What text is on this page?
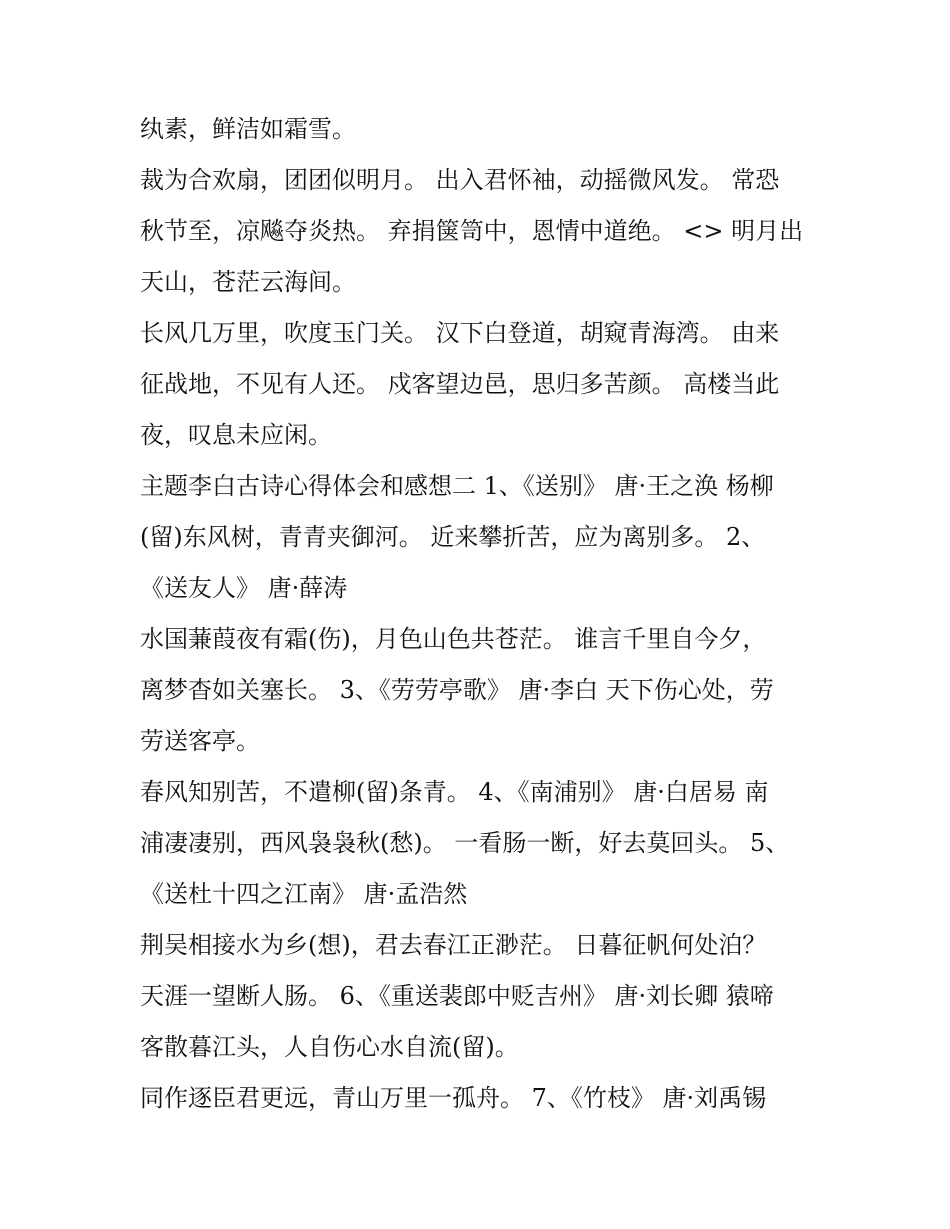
纨素，鲜洁如霜雪。

裁为合欢扇，团团似明月。 出入君怀袖，动摇微风发。 常恐
秋节至，凉飚夺炎热。 弃捐箧笥中，恩情中道绝。 <> 明月出
天山，苍茫云海间。

长风几万里，吹度玉门关。 汉下白登道，胡窥青海湾。 由来
征战地，不见有人还。 戍客望边邑，思归多苦颜。 高楼当此
夜，叹息未应闲。

主题李白古诗心得体会和感想二 1、《送别》 唐·王之涣 杨柳
(留)东风树，青青夹御河。 近来攀折苦，应为离别多。 2、
《送友人》 唐·薛涛

水国蒹葭夜有霜(伤)，月色山色共苍茫。 谁言千里自今夕，
离梦杳如关塞长。 3、《劳劳亭歌》 唐·李白 天下伤心处，劳
劳送客亭。

春风知别苦，不遣柳(留)条青。 4、《南浦别》 唐·白居易 南
浦凄凄别，西风袅袅秋(愁)。 一看肠一断，好去莫回头。 5、
《送杜十四之江南》 唐·孟浩然

荆吴相接水为乡(想)，君去春江正渺茫。 日暮征帆何处泊？
天涯一望断人肠。 6、《重送裴郎中贬吉州》 唐·刘长卿 猿啼
客散暮江头，人自伤心水自流(留)。

同作逐臣君更远，青山万里一孤舟。 7、《竹枝》 唐·刘禹锡
